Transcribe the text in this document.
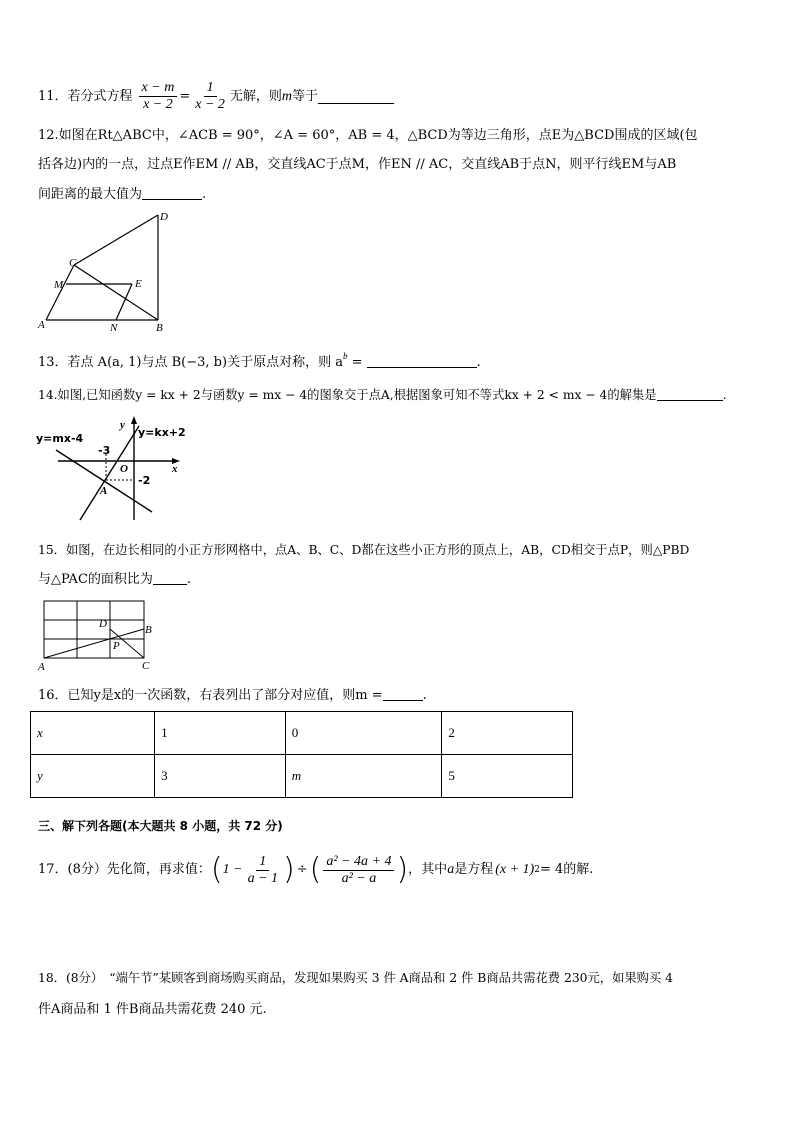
11．若分式方程 $\frac{x - m}{x - 2} = \frac{1}{x - 2}$ 无解，则 m 等于
12.如图在Rt△ABC中，∠ACB = 90°，∠A = 60°，AB = 4，△BCD为等边三角形，点E为△BCD围成的区域(包
括各边)内的一点，过点E作EM // AB，交直线AC于点M，作EN // AC，交直线AB于点N，则平行线EM与AB
间距离的最大值为	.
D
C
M	E
A	N	B
13．若点 A(a, 1)与点 B(−3, b)关于原点对称，则 $a^b$ =	.
14.如图,已知函数y = kx + 2与函数y = mx − 4的图象交于点A,根据图象可知不等式kx + 2 < mx − 4的解集是	.
y=mx-4	y=kx+2
y
x
O
A
-3
-2
15．如图，在边长相同的小正方形网格中，点A、B、C、D都在这些小正方形的顶点上，AB，CD相交于点P，则△PBD
与△PAC的面积比为	.
D	B
P
A	C
16．已知y是x的一次函数，右表列出了部分对应值，则m =	.
x	1	0	2
y	3	m	5
三、解下列各题(本大题共 8 小题，共 72 分)
17．(8分）先化简，再求值： ( $1 - \frac{1}{a - 1}$ ) ÷ ( $\frac{\text{a² − 4a + 4}}{\text{a² − a}}$ ) ，其中 a 是方程 (x + 1) 2 = 4的解.
18．(8分）　“端午节”某顾客到商场购买商品，发现如果购买 3 件 A商品和 2 件 B商品共需花费 230元，如果购买 4
件A商品和 1 件B商品共需花费 240 元.
